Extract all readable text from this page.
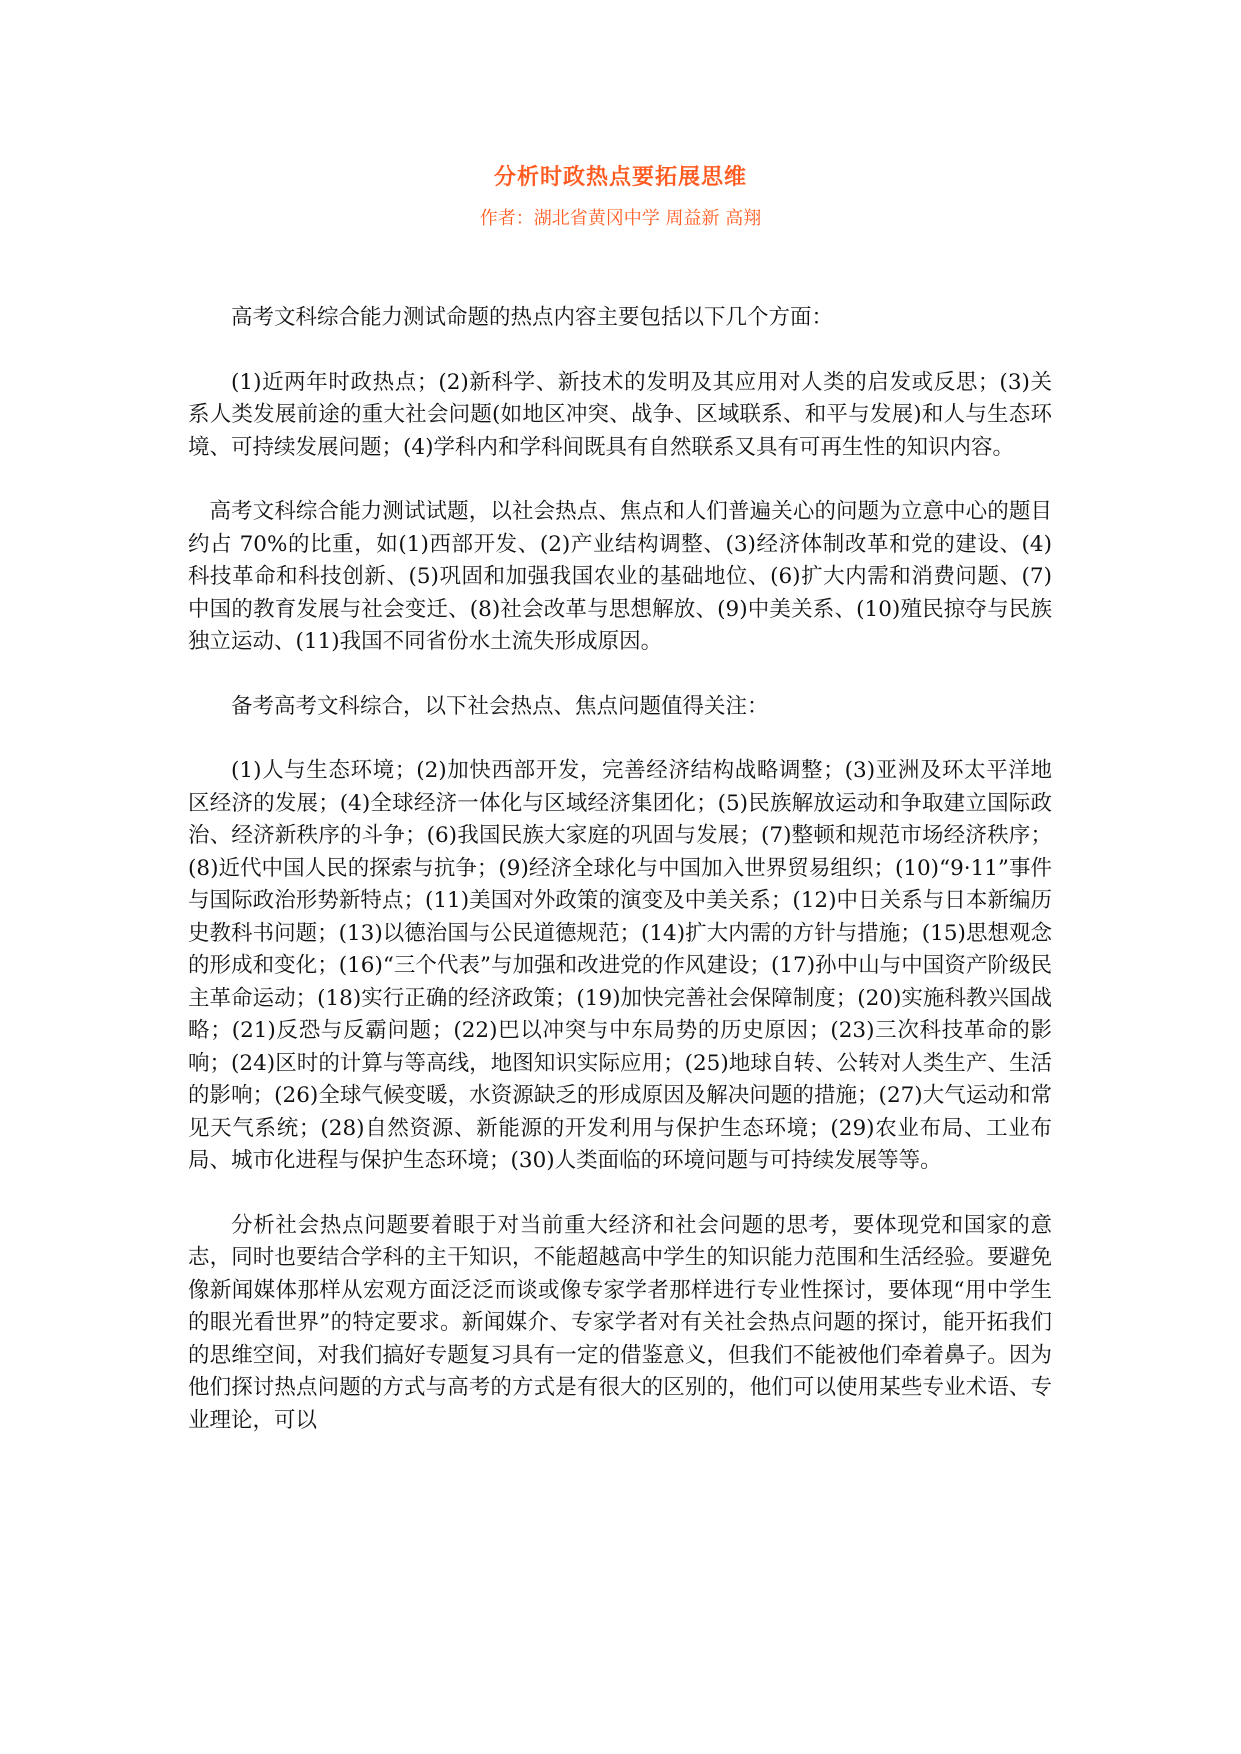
分析时政热点要拓展思维
作者：湖北省黄冈中学 周益新 高翔

高考文科综合能力测试命题的热点内容主要包括以下几个方面：

(1)近两年时政热点；(2)新科学、新技术的发明及其应用对人类的启发或反思；(3)关系人类发展前途的重大社会问题(如地区冲突、战争、区域联系、和平与发展)和人与生态环境、可持续发展问题；(4)学科内和学科间既具有自然联系又具有可再生性的知识内容。

高考文科综合能力测试试题，以社会热点、焦点和人们普遍关心的问题为立意中心的题目约占 70%的比重，如(1)西部开发、(2)产业结构调整、(3)经济体制改革和党的建设、(4)科技革命和科技创新、(5)巩固和加强我国农业的基础地位、(6)扩大内需和消费问题、(7)中国的教育发展与社会变迁、(8)社会改革与思想解放、(9)中美关系、(10)殖民掠夺与民族独立运动、(11)我国不同省份水土流失形成原因。

备考高考文科综合，以下社会热点、焦点问题值得关注：

(1)人与生态环境；(2)加快西部开发，完善经济结构战略调整；(3)亚洲及环太平洋地区经济的发展；(4)全球经济一体化与区域经济集团化；(5)民族解放运动和争取建立国际政治、经济新秩序的斗争；(6)我国民族大家庭的巩固与发展；(7)整顿和规范市场经济秩序；(8)近代中国人民的探索与抗争；(9)经济全球化与中国加入世界贸易组织；(10)“9·11”事件与国际政治形势新特点；(11)美国对外政策的演变及中美关系；(12)中日关系与日本新编历史教科书问题；(13)以德治国与公民道德规范；(14)扩大内需的方针与措施；(15)思想观念的形成和变化；(16)“三个代表”与加强和改进党的作风建设；(17)孙中山与中国资产阶级民主革命运动；(18)实行正确的经济政策；(19)加快完善社会保障制度；(20)实施科教兴国战略；(21)反恐与反霸问题；(22)巴以冲突与中东局势的历史原因；(23)三次科技革命的影响；(24)区时的计算与等高线，地图知识实际应用；(25)地球自转、公转对人类生产、生活的影响；(26)全球气候变暖，水资源缺乏的形成原因及解决问题的措施；(27)大气运动和常见天气系统；(28)自然资源、新能源的开发利用与保护生态环境；(29)农业布局、工业布局、城市化进程与保护生态环境；(30)人类面临的环境问题与可持续发展等等。

分析社会热点问题要着眼于对当前重大经济和社会问题的思考，要体现党和国家的意志，同时也要结合学科的主干知识，不能超越高中学生的知识能力范围和生活经验。要避免像新闻媒体那样从宏观方面泛泛而谈或像专家学者那样进行专业性探讨，要体现“用中学生的眼光看世界”的特定要求。新闻媒介、专家学者对有关社会热点问题的探讨，能开拓我们的思维空间，对我们搞好专题复习具有一定的借鉴意义，但我们不能被他们牵着鼻子。因为他们探讨热点问题的方式与高考的方式是有很大的区别的，他们可以使用某些专业术语、专业理论，可以
